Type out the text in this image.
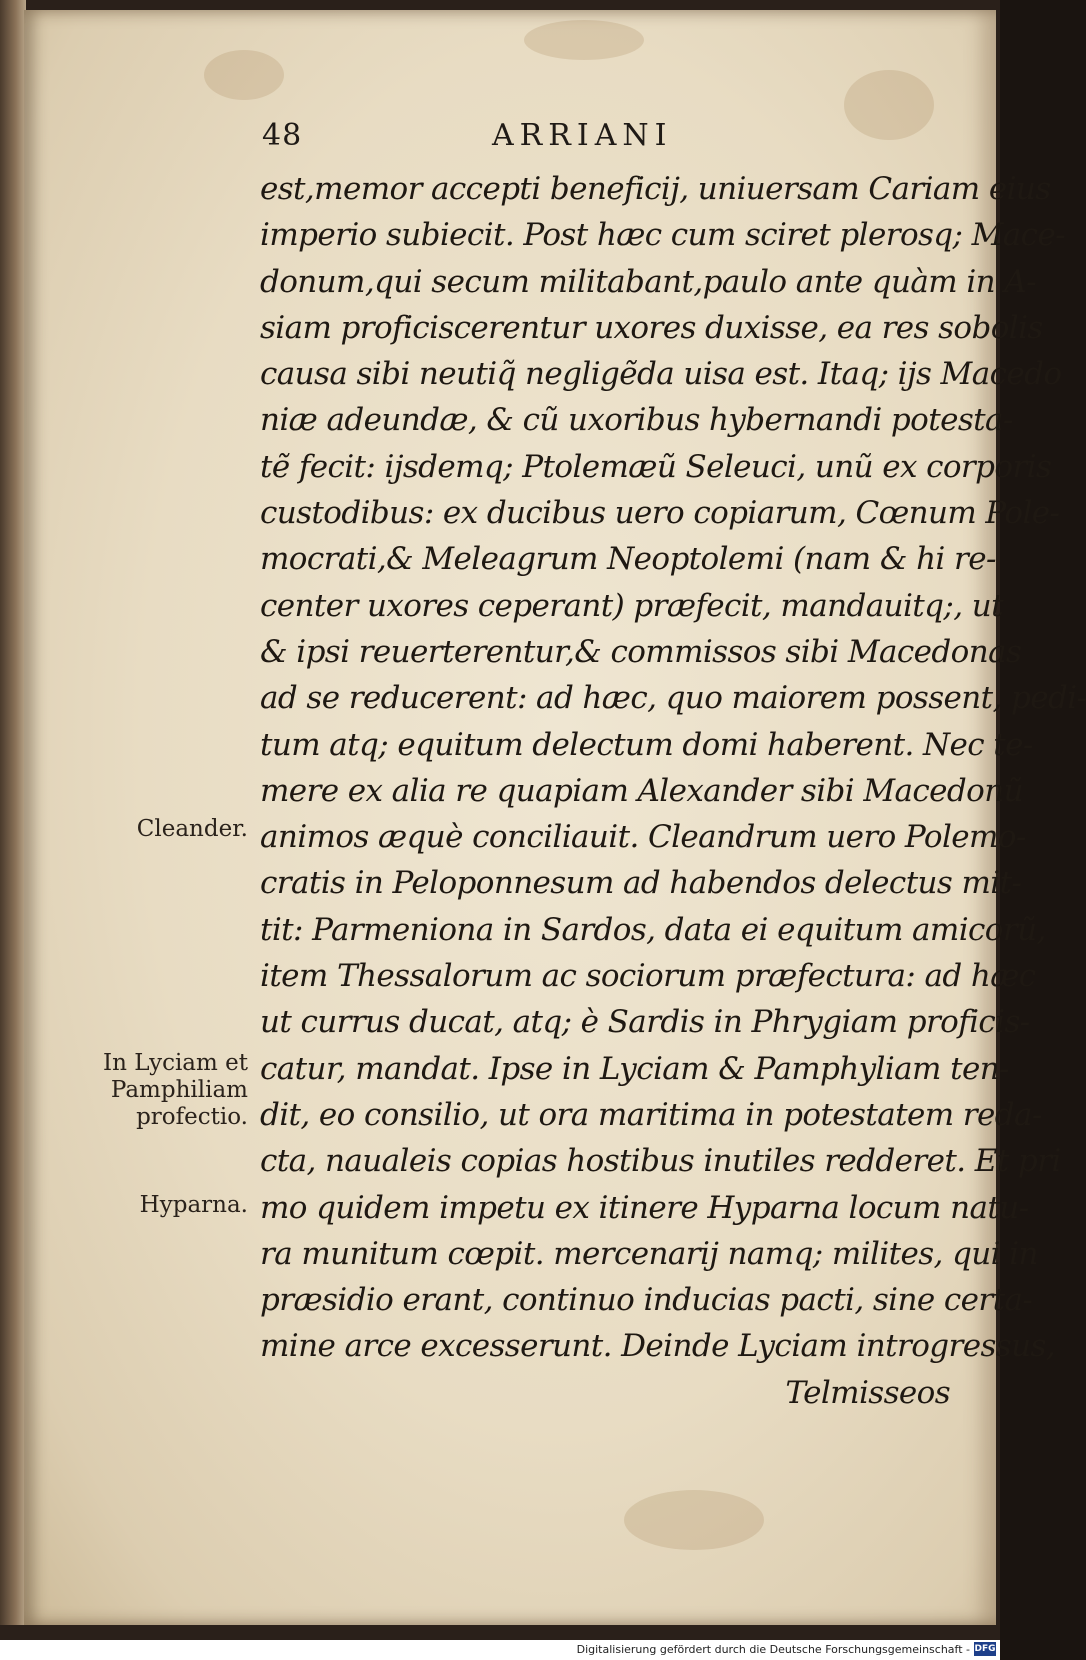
48	ARRIANI
est,memor accepti beneficij, uniuersam Cariam eius
imperio subiecit. Post hæc cum sciret plerosq; Mace-
donum,qui secum militabant,paulo ante quàm in A-
siam proficiscerentur uxores duxisse, ea res sobolis
causa sibi neutiq̃ negligẽda uisa est. Itaq; ijs Macedo
niæ adeundæ, & cũ uxoribus hybernandi potesta-
tẽ fecit: ijsdemq; Ptolemæũ Seleuci, unũ ex corporis
custodibus: ex ducibus uero copiarum, Cœnum Pole-
mocrati,& Meleagrum Neoptolemi (nam & hi re-
center uxores ceperant) præfecit, mandauitq;, ut
& ipsi reuerterentur,& commissos sibi Macedonas
ad se reducerent: ad hæc, quo maiorem possent, pedi-
tum atq; equitum delectum domi haberent. Nec te-
mere ex alia re quapiam Alexander sibi Macedonũ
animos æquè conciliauit. Cleandrum uero Polemo-
cratis in Peloponnesum ad habendos delectus mit-
tit: Parmeniona in Sardos, data ei equitum amicorũ,
item Thessalorum ac sociorum præfectura: ad hæc
ut currus ducat, atq; è Sardis in Phrygiam proficis-
catur, mandat. Ipse in Lyciam & Pamphyliam ten-
dit, eo consilio, ut ora maritima in potestatem reda-
cta, naualeis copias hostibus inutiles redderet. Et pri
mo quidem impetu ex itinere Hyparna locum natu-
ra munitum cœpit. mercenarij namq; milites, qui in
præsidio erant, continuo inducias pacti, sine certa-
mine arce excesserunt. Deinde Lyciam introgressus,
Telmisseos
Cleander.
In Lyciam et
Pamphiliam
profectio.
Hyparna.
Digitalisierung gefördert durch die Deutsche Forschungsgemeinschaft - DFG
